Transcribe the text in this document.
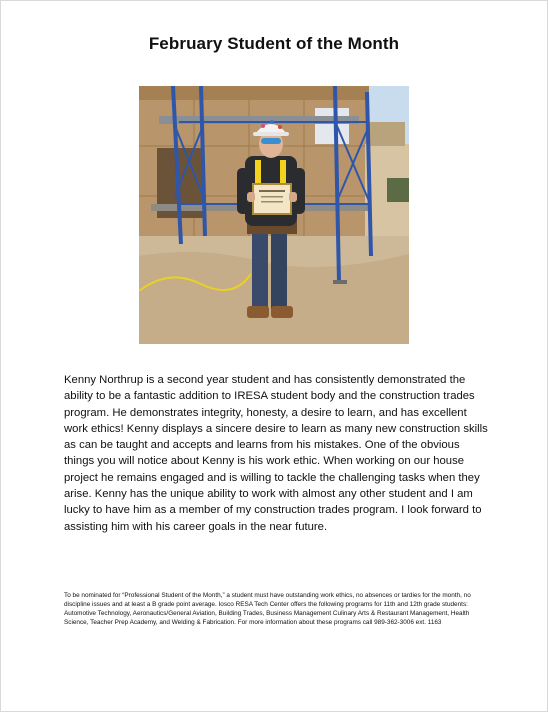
February Student of the Month

Kenny Northrup is a second year student and has consistently demonstrated the ability to be a fantastic addition to IRESA student body and the construction trades program. He demonstrates integrity, honesty, a desire to learn, and has excellent work ethics! Kenny displays a sincere desire to learn as many new construction skills as can be taught and accepts and learns from his mistakes. One of the obvious things you will notice about Kenny is his work ethic. When working on our house project he remains engaged and is willing to tackle the challenging tasks when they arise. Kenny has the unique ability to work with almost any other student and I am lucky to have him as a member of my construction trades program. I look forward to assisting him with his career goals in the near future.

To be nominated for “Professional Student of the Month,” a student must have outstanding work ethics, no absences or tardies for the month, no discipline issues and at least a B grade point average. Iosco RESA Tech Center offers the following programs for 11th and 12th grade students: Automotive Technology, Aeronautics/General Aviation, Building Trades, Business Management Culinary Arts & Restaurant Management, Health Science, Teacher Prep Academy, and Welding & Fabrication. For more information about these programs call 989-362-3006 ext. 1163
